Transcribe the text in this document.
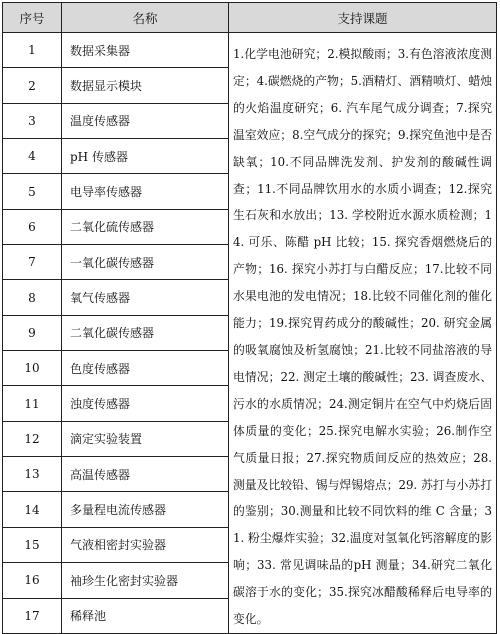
序号	名称	支持课题
1	数据采集器	1.化学电池研究；2.模拟酸雨；3.有色溶液浓度测定；4.碳燃烧的产物；5.酒精灯、酒精喷灯、蜡烛的火焰温度研究；6. 汽车尾气成分调查；7.探究温室效应；8.空气成分的探究；9.探究鱼池中是否缺氧；10.不同品牌洗发剂、护发剂的酸碱性调查；11.不同品牌饮用水的水质小调查；12.探究生石灰和水放出；13. 学校附近水源水质检测；14. 可乐、陈醋 pH 比较；15. 探究香烟燃烧后的产物；16. 探究小苏打与白醋反应；17.比较不同水果电池的发电情况；18.比较不同催化剂的催化能力；19.探究胃药成分的酸碱性；20. 研究金属的吸氧腐蚀及析氢腐蚀；21.比较不同盐溶液的导电情况；22. 测定土壤的酸碱性；23. 调查废水、污水的水质情况；24.测定铜片在空气中灼烧后固体质量的变化；25.探究电解水实验；26.制作空气质量日报；27.探究物质间反应的热效应；28. 测量及比较铅、锡与焊锡熔点；29. 苏打与小苏打的鉴别；30.测量和比较不同饮料的维 C 含量；31. 粉尘爆炸实验；32.温度对氢氧化钙溶解度的影响；33. 常见调味品的pH 测量；34.研究二氧化碳溶于水的变化；35.探究冰醋酸稀释后电导率的变化。
2	数据显示模块	
3	温度传感器	
4	pH 传感器	
5	电导率传感器	
6	二氧化硫传感器	
7	一氧化碳传感器	
8	氧气传感器	
9	二氧化碳传感器	
10	色度传感器	
11	浊度传感器	
12	滴定实验装置	
13	高温传感器	
14	多量程电流传感器	
15	气液相密封实验器	
16	袖珍生化密封实验器	
17	稀释池	
